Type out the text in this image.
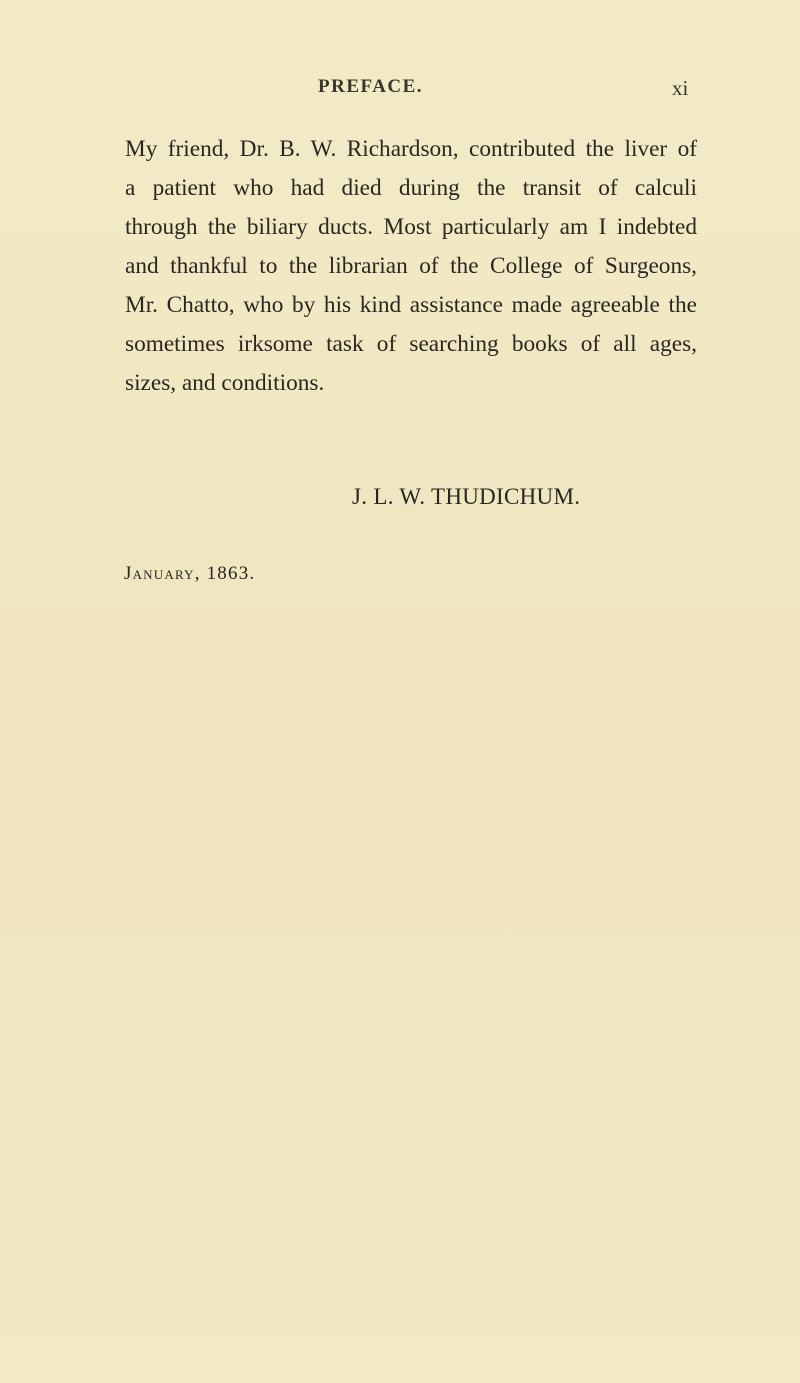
PREFACE.	xi
My friend, Dr. B. W. Richardson, contributed the liver of
a patient who had died during the transit of calculi
through the biliary ducts. Most particularly am I indebted
and thankful to the librarian of the College of Surgeons,
Mr. Chatto, who by his kind assistance made agreeable the
sometimes irksome task of searching books of all ages,
sizes, and conditions.
J. L. W. THUDICHUM.
January, 1863.
